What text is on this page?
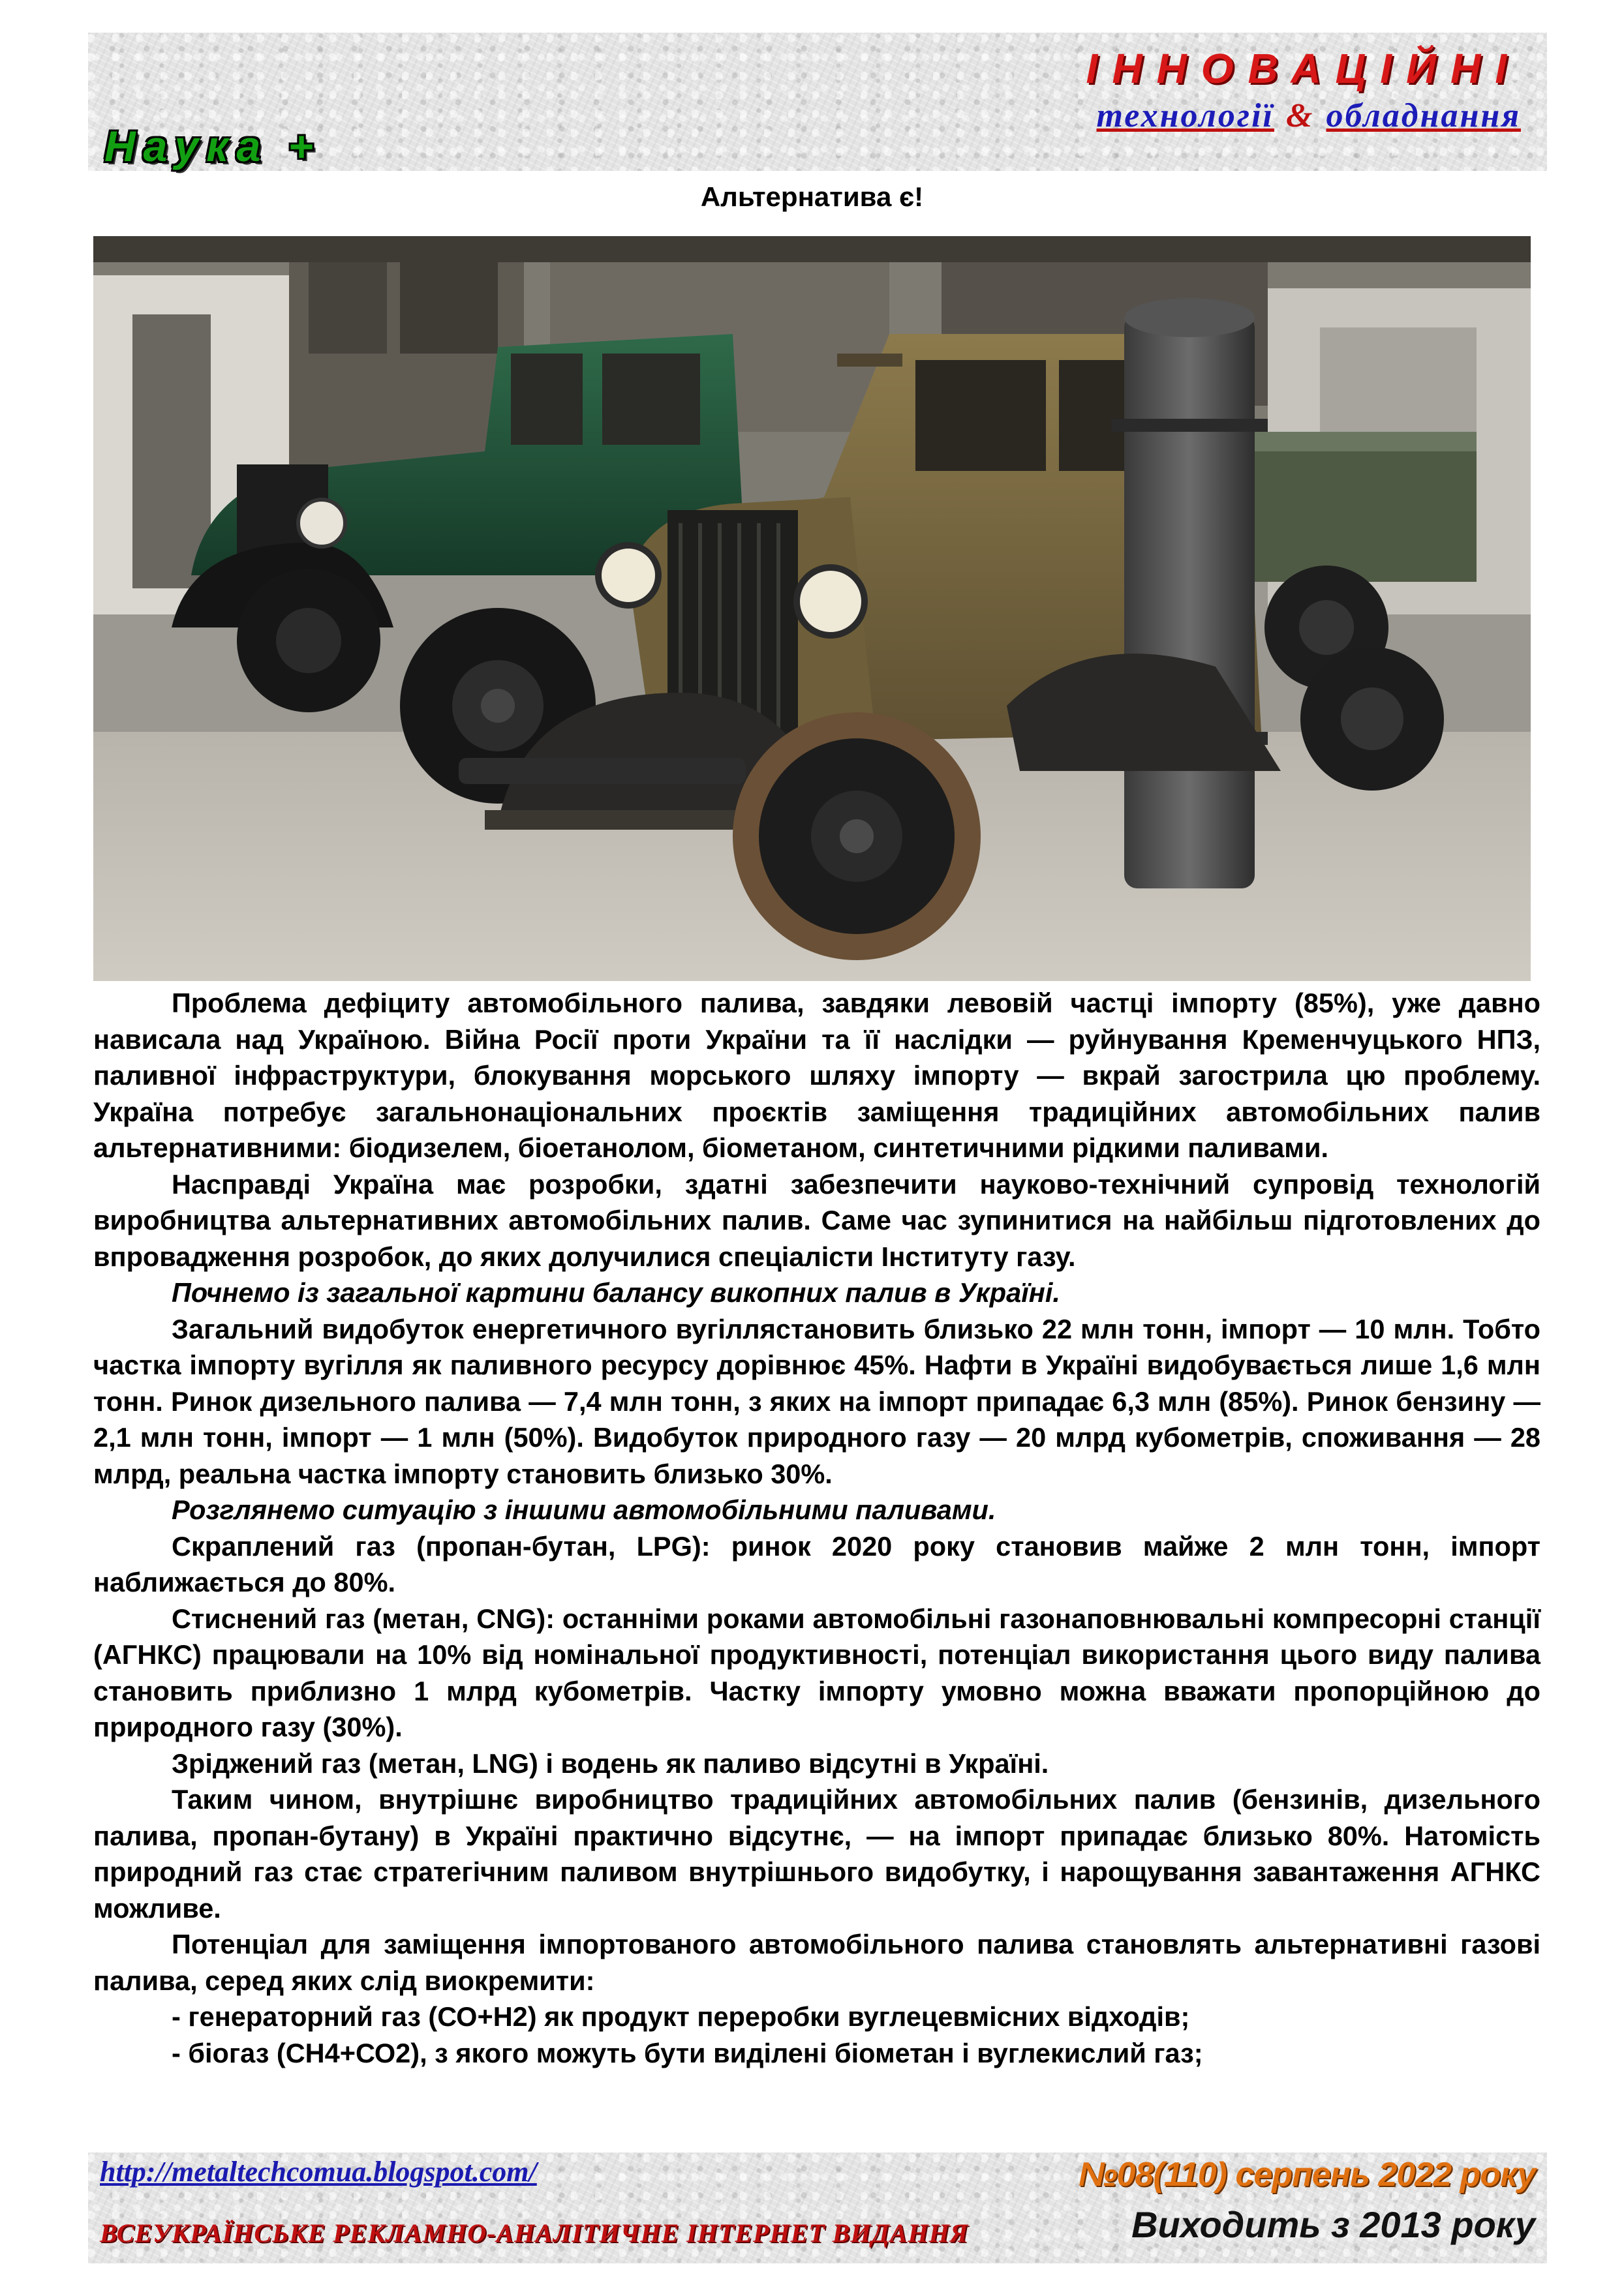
ІННОВАЦІЙНІ
технології & обладнання
Наука +
Альтернатива є!

Проблема дефіциту автомобільного палива, завдяки левовій частці імпорту (85%), уже давно нависала над Україною. Війна Росії проти України та її наслідки — руйнування Кременчуцького НПЗ, паливної інфраструктури, блокування морського шляху імпорту — вкрай загострила цю проблему. Україна потребує загальнонаціональних проєктів заміщення традиційних автомобільних палив альтернативними: біодизелем, біоетанолом, біометаном, синтетичними рідкими паливами.

Насправді Україна має розробки, здатні забезпечити науково-технічний супровід технологій виробництва альтернативних автомобільних палив. Саме час зупинитися на найбільш підготовлених до впровадження розробок, до яких долучилися спеціалісти Інституту газу.

Почнемо із загальної картини балансу викопних палив в Україні.

Загальний видобуток енергетичного вугіллястановить близько 22 млн тонн, імпорт — 10 млн. Тобто частка імпорту вугілля як паливного ресурсу дорівнює 45%. Нафти в Україні видобувається лише 1,6 млн тонн. Ринок дизельного палива — 7,4 млн тонн, з яких на імпорт припадає 6,3 млн (85%). Ринок бензину — 2,1 млн тонн, імпорт — 1 млн (50%). Видобуток природного газу — 20 млрд кубометрів, споживання — 28 млрд, реальна частка імпорту становить близько 30%.

Розглянемо ситуацію з іншими автомобільними паливами.

Скраплений газ (пропан-бутан, LPG): ринок 2020 року становив майже 2 млн тонн, імпорт наближається до 80%.

Стиснений газ (метан, CNG): останніми роками автомобільні газонаповнювальні компресорні станції (АГНКС) працювали на 10% від номінальної продуктивності, потенціал використання цього виду палива становить приблизно 1 млрд кубометрів. Частку імпорту умовно можна вважати пропорційною до природного газу (30%).

Зріджений газ (метан, LNG) і водень як паливо відсутні в Україні.

Таким чином, внутрішнє виробництво традиційних автомобільних палив (бензинів, дизельного палива, пропан-бутану) в Україні практично відсутнє, — на імпорт припадає близько 80%. Натомість природний газ стає стратегічним паливом внутрішнього видобутку, і нарощування завантаження АГНКС можливе.

Потенціал для заміщення імпортованого автомобільного палива становлять альтернативні газові палива, серед яких слід виокремити:

- генераторний газ (СО+Н2) як продукт переробки вуглецевмісних відходів;

- біогаз (СН4+СО2), з якого можуть бути виділені біометан і вуглекислий газ;

http://metaltechcomua.blogspot.com/
ВСЕУКРАЇНСЬКЕ РЕКЛАМНО-АНАЛІТИЧНЕ ІНТЕРНЕТ ВИДАННЯ
№08(110) серпень 2022 року
Виходить з 2013 року
